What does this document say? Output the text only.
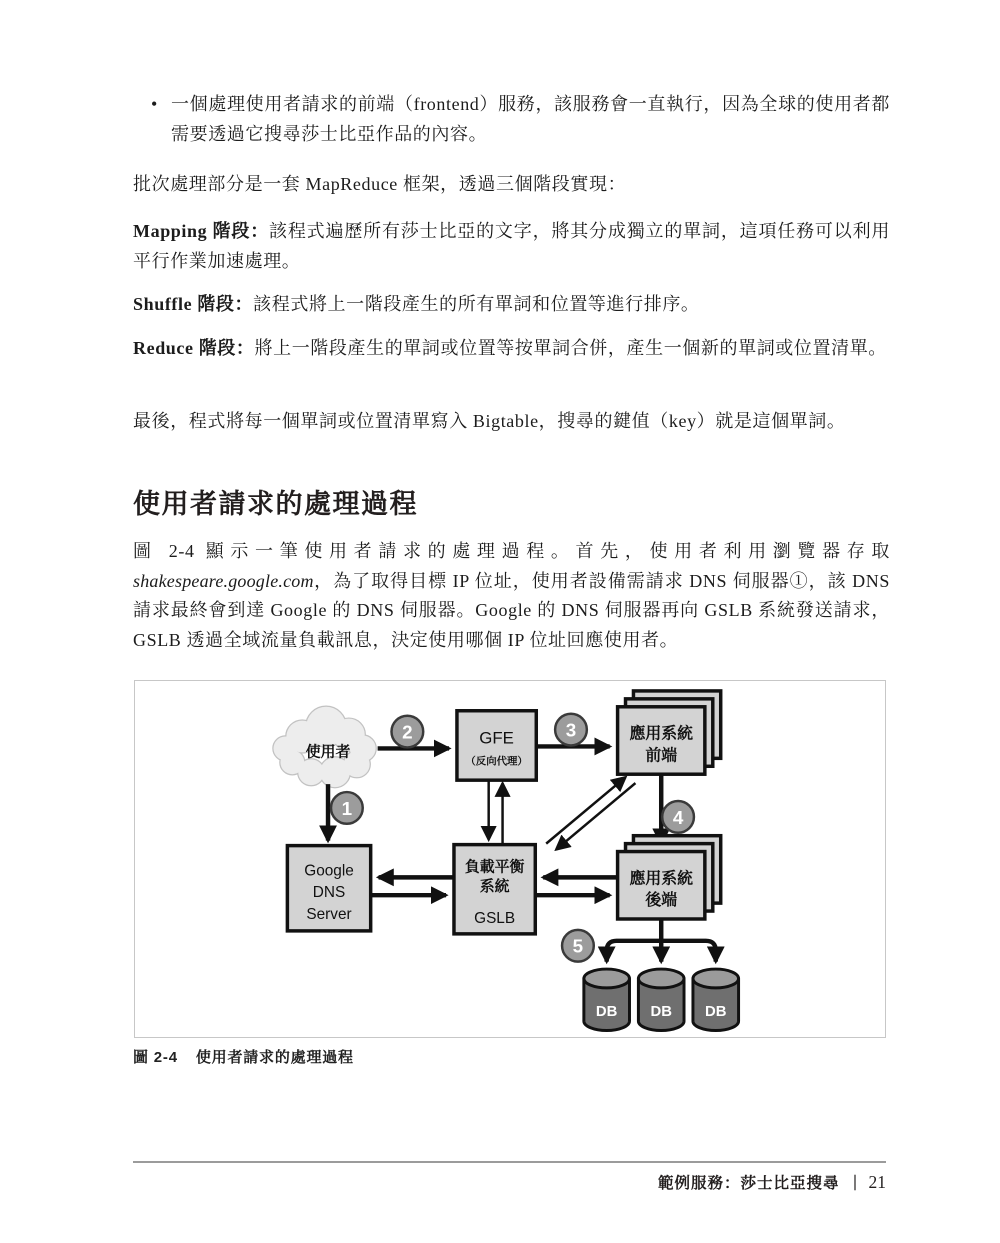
• 一個處理使用者請求的前端（frontend）服務，該服務會一直執行，因為全球的使用者都需要透過它搜尋莎士比亞作品的內容。

批次處理部分是一套 MapReduce 框架，透過三個階段實現：

Mapping 階段：該程式遍歷所有莎士比亞的文字，將其分成獨立的單詞，這項任務可以利用平行作業加速處理。

Shuffle 階段：該程式將上一階段產生的所有單詞和位置等進行排序。

Reduce 階段：將上一階段產生的單詞或位置等按單詞合併，產生一個新的單詞或位置清單。

最後，程式將每一個單詞或位置清單寫入 Bigtable，搜尋的鍵值（key）就是這個單詞。

使用者請求的處理過程

圖 2-4 顯示一筆使用者請求的處理過程。首先，使用者利用瀏覽器存取 shakespeare.google.com，為了取得目標 IP 位址，使用者設備需請求 DNS 伺服器①，該 DNS 請求最終會到達 Google 的 DNS 伺服器。Google 的 DNS 伺服器再向 GSLB 系統發送請求，GSLB 透過全域流量負載訊息，決定使用哪個 IP 位址回應使用者。

使用者
GFE
（反向代理）
應用系統
前端
Google
DNS
Server
負載平衡
系統
GSLB
應用系統
後端
1
2	3
4
5
DB DB DB

圖 2-4 使用者請求的處理過程

範例服務：莎士比亞搜尋 ｜ 21
